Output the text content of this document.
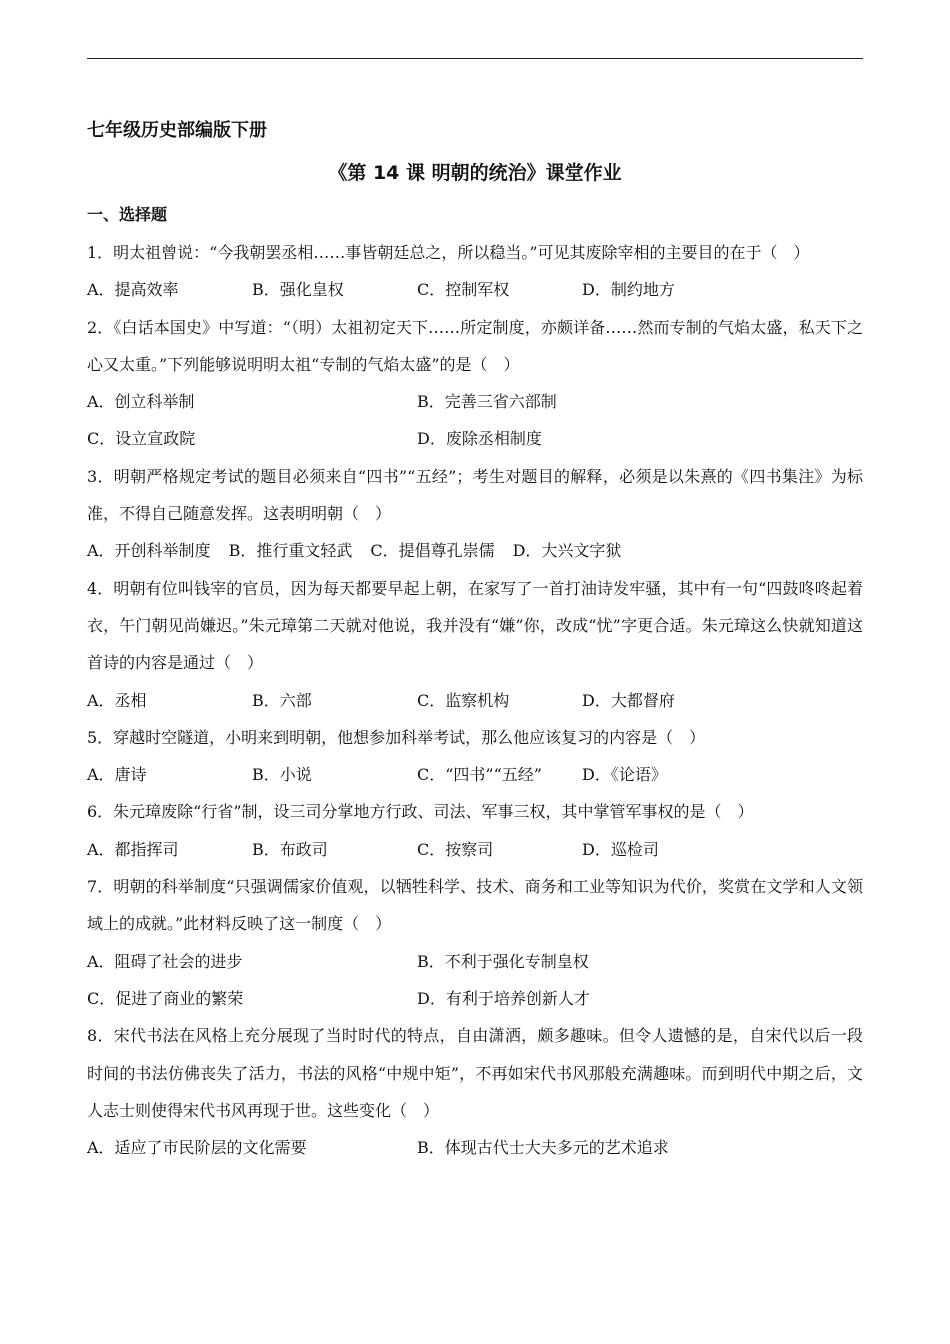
七年级历史部编版下册
《第 14 课 明朝的统治》课堂作业
一、选择题
1．明太祖曾说：“今我朝罢丞相……事皆朝廷总之，所以稳当。”可见其废除宰相的主要目的在于（　）
A．提高效率	B．强化皇权	C．控制军权	D．制约地方
2．《白话本国史》中写道：“（明）太祖初定天下……所定制度，亦颇详备……然而专制的气焰太盛，私天下之心又太重。”下列能够说明明太祖“专制的气焰太盛”的是（　）
A．创立科举制	B．完善三省六部制
C．设立宣政院	D．废除丞相制度
3．明朝严格规定考试的题目必须来自“四书”“五经”；考生对题目的解释，必须是以朱熹的《四书集注》为标准，不得自己随意发挥。这表明明朝（　）
A．开创科举制度 B．推行重文轻武 C．提倡尊孔崇儒 D．大兴文字狱
4．明朝有位叫钱宰的官员，因为每天都要早起上朝，在家写了一首打油诗发牢骚，其中有一句“四鼓咚咚起着衣，午门朝见尚嫌迟。”朱元璋第二天就对他说，我并没有“嫌”你，改成“忧”字更合适。朱元璋这么快就知道这首诗的内容是通过（　）
A．丞相	B．六部	C．监察机构	D．大都督府
5．穿越时空隧道，小明来到明朝，他想参加科举考试，那么他应该复习的内容是（　）
A．唐诗	B．小说	C．“四书”“五经”	D．《论语》
6．朱元璋废除“行省”制，设三司分掌地方行政、司法、军事三权，其中掌管军事权的是（　）
A．都指挥司	B．布政司	C．按察司	D．巡检司
7．明朝的科举制度“只强调儒家价值观，以牺牲科学、技术、商务和工业等知识为代价，奖赏在文学和人文领域上的成就。”此材料反映了这一制度（　）
A．阻碍了社会的进步	B．不利于强化专制皇权
C．促进了商业的繁荣	D．有利于培养创新人才
8．宋代书法在风格上充分展现了当时时代的特点，自由潇洒，颇多趣味。但令人遗憾的是，自宋代以后一段时间的书法仿佛丧失了活力，书法的风格“中规中矩”，不再如宋代书风那般充满趣味。而到明代中期之后，文人志士则使得宋代书风再现于世。这些变化（　）
A．适应了市民阶层的文化需要	B．体现古代士大夫多元的艺术追求
